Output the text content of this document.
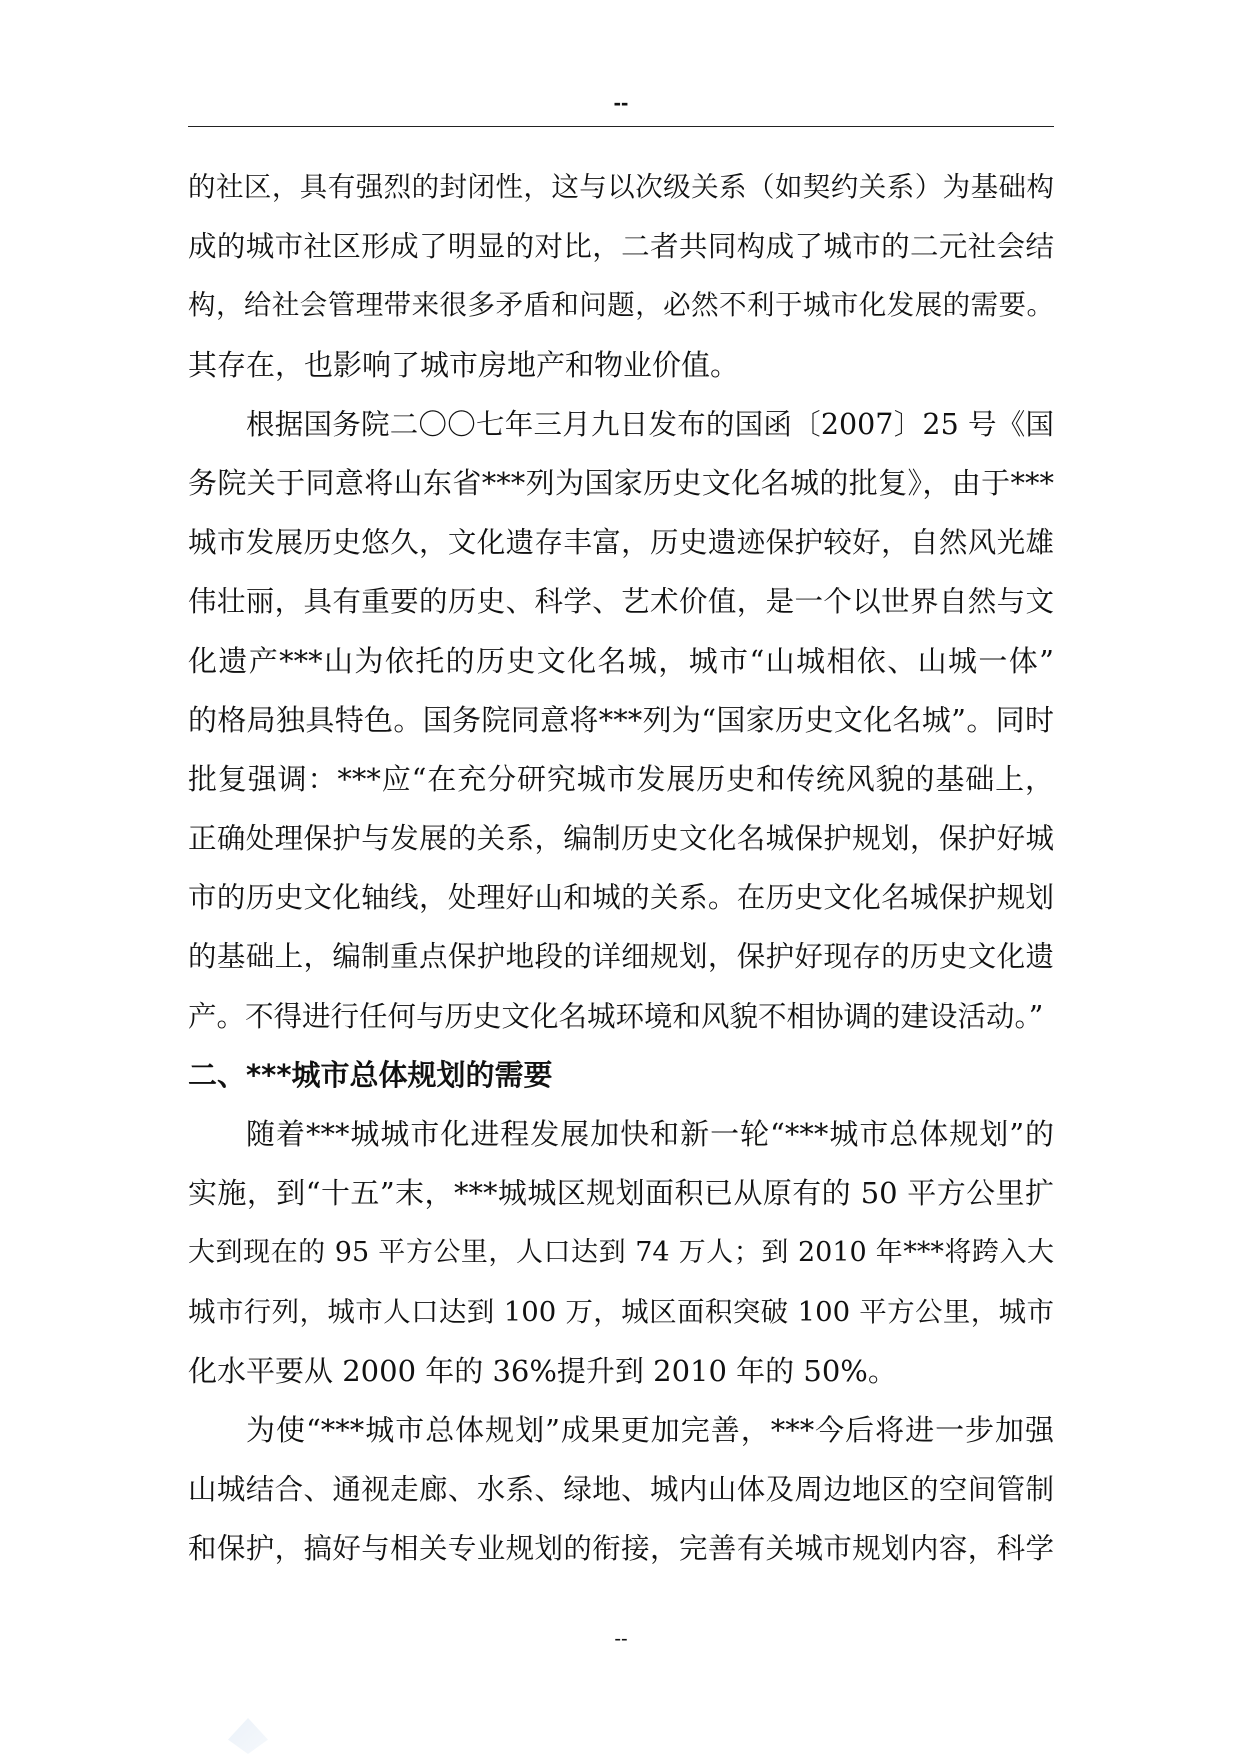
--
的社区，具有强烈的封闭性，这与以次级关系（如契约关系）为基础构
成的城市社区形成了明显的对比，二者共同构成了城市的二元社会结
构，给社会管理带来很多矛盾和问题，必然不利于城市化发展的需要。
其存在，也影响了城市房地产和物业价值。
根据国务院二〇〇七年三月九日发布的国函〔2007〕25 号《国
务院关于同意将山东省***列为国家历史文化名城的批复》，由于***
城市发展历史悠久，文化遗存丰富，历史遗迹保护较好，自然风光雄
伟壮丽，具有重要的历史、科学、艺术价值，是一个以世界自然与文
化遗产***山为依托的历史文化名城，城市“山城相依、山城一体”
的格局独具特色。国务院同意将***列为“国家历史文化名城”。同时
批复强调：***应“在充分研究城市发展历史和传统风貌的基础上，
正确处理保护与发展的关系，编制历史文化名城保护规划，保护好城
市的历史文化轴线，处理好山和城的关系。在历史文化名城保护规划
的基础上，编制重点保护地段的详细规划，保护好现存的历史文化遗
产。不得进行任何与历史文化名城环境和风貌不相协调的建设活动。”
二、***城市总体规划的需要
随着***城城市化进程发展加快和新一轮“***城市总体规划”的
实施，到“十五”末，***城城区规划面积已从原有的 50 平方公里扩
大到现在的 95 平方公里，人口达到 74 万人；到 2010 年***将跨入大
城市行列，城市人口达到 100 万，城区面积突破 100 平方公里，城市
化水平要从 2000 年的 36%提升到 2010 年的 50%。
为使“***城市总体规划”成果更加完善，***今后将进一步加强
山城结合、通视走廊、水系、绿地、城内山体及周边地区的空间管制
和保护，搞好与相关专业规划的衔接，完善有关城市规划内容，科学
--
